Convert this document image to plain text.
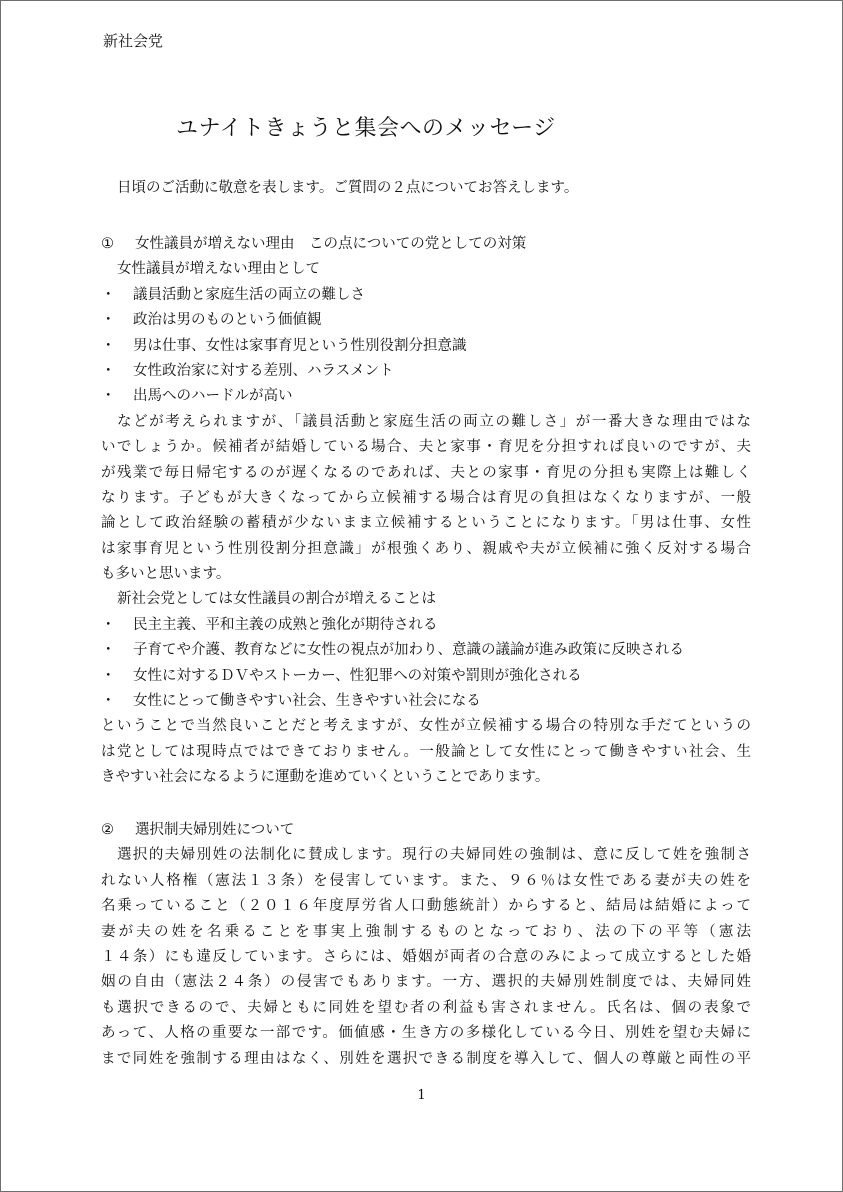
新社会党
ユナイトきょうと集会へのメッセージ
日頃のご活動に敬意を表します。ご質問の２点についてお答えします。
① 女性議員が増えない理由　この点についての党としての対策
女性議員が増えない理由として
・ 議員活動と家庭生活の両立の難しさ
・ 政治は男のものという価値観
・ 男は仕事、女性は家事育児という性別役割分担意識
・ 女性政治家に対する差別、ハラスメント
・ 出馬へのハードルが高い
などが考えられますが、「議員活動と家庭生活の両立の難しさ」が一番大きな理由ではな
いでしょうか。候補者が結婚している場合、夫と家事・育児を分担すれば良いのですが、夫
が残業で毎日帰宅するのが遅くなるのであれば、夫との家事・育児の分担も実際上は難しく
なります。子どもが大きくなってから立候補する場合は育児の負担はなくなりますが、一般
論として政治経験の蓄積が少ないまま立候補するということになります。「男は仕事、女性
は家事育児という性別役割分担意識」が根強くあり、親戚や夫が立候補に強く反対する場合
も多いと思います。
新社会党としては女性議員の割合が増えることは
・ 民主主義、平和主義の成熟と強化が期待される
・ 子育てや介護、教育などに女性の視点が加わり、意識の議論が進み政策に反映される
・ 女性に対するＤＶやストーカー、性犯罪への対策や罰則が強化される
・ 女性にとって働きやすい社会、生きやすい社会になる
ということで当然良いことだと考えますが、女性が立候補する場合の特別な手だてというの
は党としては現時点ではできておりません。一般論として女性にとって働きやすい社会、生
きやすい社会になるように運動を進めていくということであります。
② 選択制夫婦別姓について
選択的夫婦別姓の法制化に賛成します。現行の夫婦同姓の強制は、意に反して姓を強制さ
れない人格権（憲法１３条）を侵害しています。また、９６％は女性である妻が夫の姓を
名乗っていること（２０１６年度厚労省人口動態統計）からすると、結局は結婚によって
妻が夫の姓を名乗ることを事実上強制するものとなっており、法の下の平等（憲法
１４条）にも違反しています。さらには、婚姻が両者の合意のみによって成立するとした婚
姻の自由（憲法２４条）の侵害でもあります。一方、選択的夫婦別姓制度では、夫婦同姓
も選択できるので、夫婦ともに同姓を望む者の利益も害されません。氏名は、個の表象で
あって、人格の重要な一部です。価値感・生き方の多様化している今日、別姓を望む夫婦に
まで同姓を強制する理由はなく、別姓を選択できる制度を導入して、個人の尊厳と両性の平
1
